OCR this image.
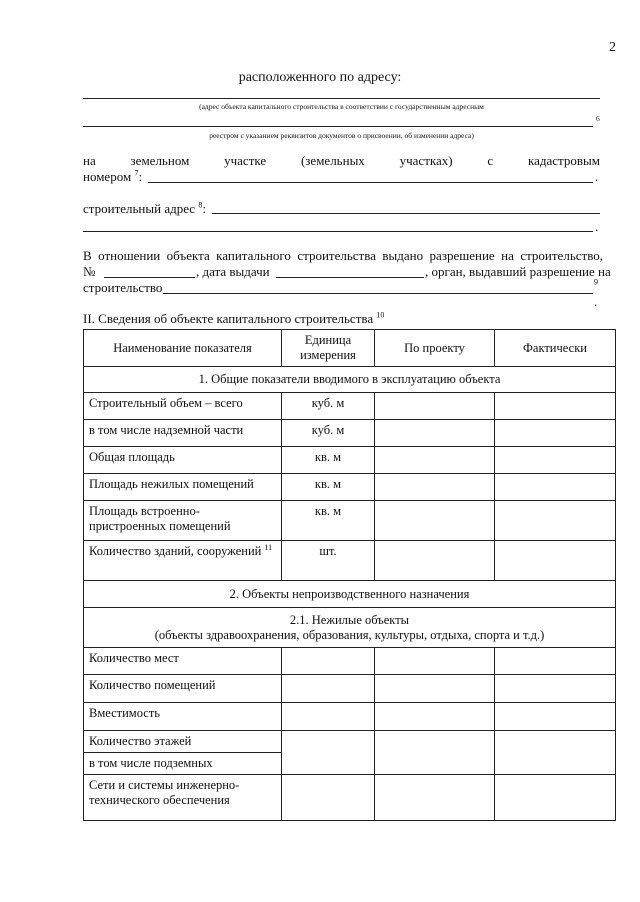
2
расположенного по адресу:
(адрес объекта капитального строительства в соответствии с государственным адресным
6
реестром с указанием реквизитов документов о присвоении, об изменении адреса)
на	земельном	участке	(земельных	участках)	с	кадастровым
номером $^7$:	.
строительный адрес $^8$:
.
В отношении объекта капитального строительства выдано разрешение на строительство,
№	, дата выдачи	, орган, выдавший разрешение на
строительство	$^9$
.
II. Сведения об объекте капитального строительства $^{10}$
Наименование показателя	Единица измерения	По проекту	Фактически
1. Общие показатели вводимого в эксплуатацию объекта			
Строительный объем – всего	куб. м		
в том числе надземной части	куб. м		
Общая площадь	кв. м		
Площадь нежилых помещений	кв. м		
Площадь встроенно-пристроенных помещений	кв. м		
Количество зданий, сооружений $^{11}$	шт.		
2. Объекты непроизводственного назначения			

2.1. Нежилые объекты
(объекты здравоохранения, образования, культуры, отдыха, спорта и т.д.)			

Количество мест			
Количество помещений			
Вместимость			

Количество этажей
в том числе подземных			

Сети и системы инженерно-технического обеспечения			
